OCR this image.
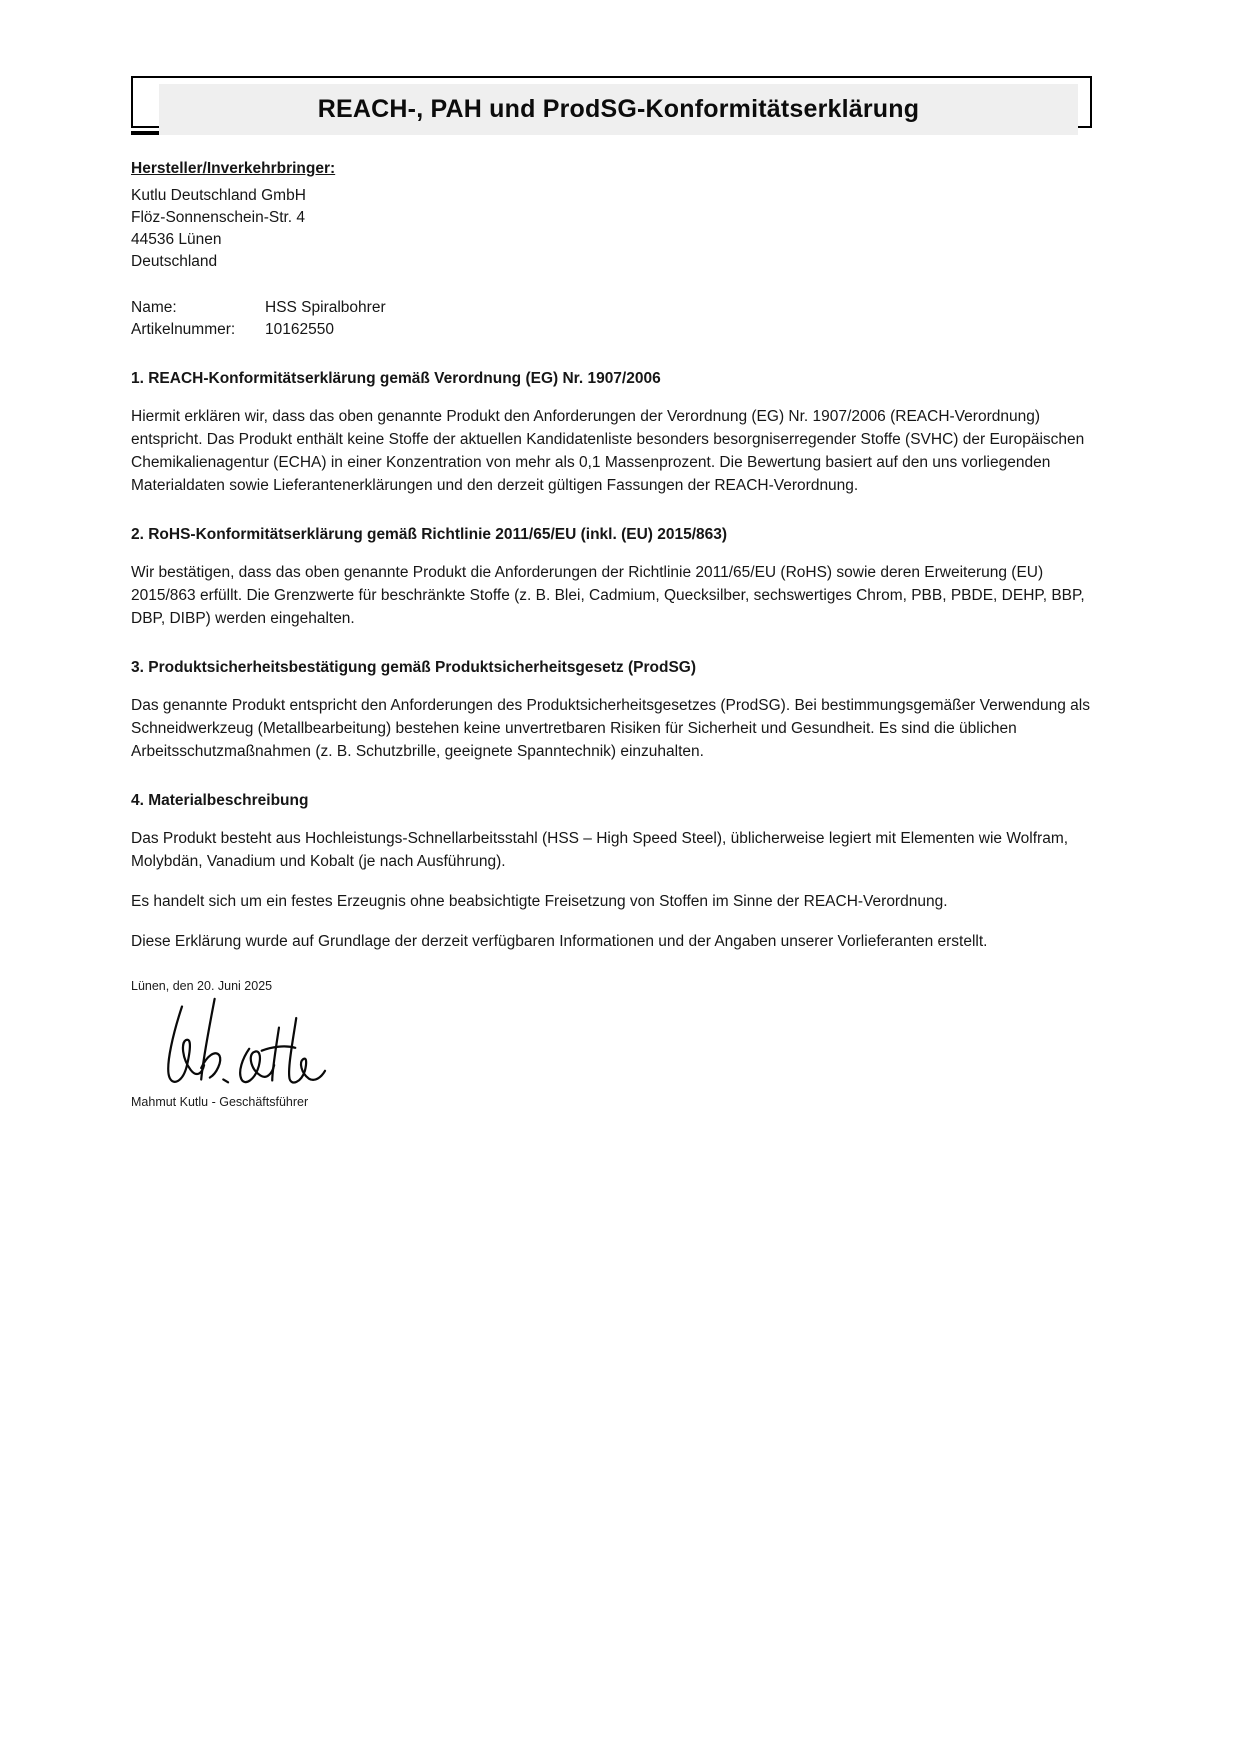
REACH-, PAH und ProdSG-Konformitätserklärung
Hersteller/Inverkehrbringer:
Kutlu Deutschland GmbH
Flöz-Sonnenschein-Str. 4
44536 Lünen
Deutschland
Name:	HSS Spiralbohrer
Artikelnummer:	10162550
1. REACH-Konformitätserklärung gemäß Verordnung (EG) Nr. 1907/2006

Hiermit erklären wir, dass das oben genannte Produkt den Anforderungen der Verordnung (EG) Nr. 1907/2006 (REACH-Verordnung) entspricht. Das Produkt enthält keine Stoffe der aktuellen Kandidatenliste besonders besorgniserregender Stoffe (SVHC) der Europäischen Chemikalienagentur (ECHA) in einer Konzentration von mehr als 0,1 Massenprozent. Die Bewertung basiert auf den uns vorliegenden Materialdaten sowie Lieferantenerklärungen und den derzeit gültigen Fassungen der REACH-Verordnung.

2. RoHS-Konformitätserklärung gemäß Richtlinie 2011/65/EU (inkl. (EU) 2015/863)

Wir bestätigen, dass das oben genannte Produkt die Anforderungen der Richtlinie 2011/65/EU (RoHS) sowie deren Erweiterung (EU) 2015/863 erfüllt. Die Grenzwerte für beschränkte Stoffe (z. B. Blei, Cadmium, Quecksilber, sechswertiges Chrom, PBB, PBDE, DEHP, BBP, DBP, DIBP) werden eingehalten.

3. Produktsicherheitsbestätigung gemäß Produktsicherheitsgesetz (ProdSG)

Das genannte Produkt entspricht den Anforderungen des Produktsicherheitsgesetzes (ProdSG). Bei bestimmungsgemäßer Verwendung als Schneidwerkzeug (Metallbearbeitung) bestehen keine unvertretbaren Risiken für Sicherheit und Gesundheit. Es sind die üblichen Arbeitsschutzmaßnahmen (z. B. Schutzbrille, geeignete Spanntechnik) einzuhalten.

4. Materialbeschreibung

Das Produkt besteht aus Hochleistungs-Schnellarbeitsstahl (HSS – High Speed Steel), üblicherweise legiert mit Elementen wie Wolfram, Molybdän, Vanadium und Kobalt (je nach Ausführung).

Es handelt sich um ein festes Erzeugnis ohne beabsichtigte Freisetzung von Stoffen im Sinne der REACH-Verordnung.

Diese Erklärung wurde auf Grundlage der derzeit verfügbaren Informationen und der Angaben unserer Vorlieferanten erstellt.

Lünen, den 20. Juni 2025
Mahmut Kutlu - Geschäftsführer
